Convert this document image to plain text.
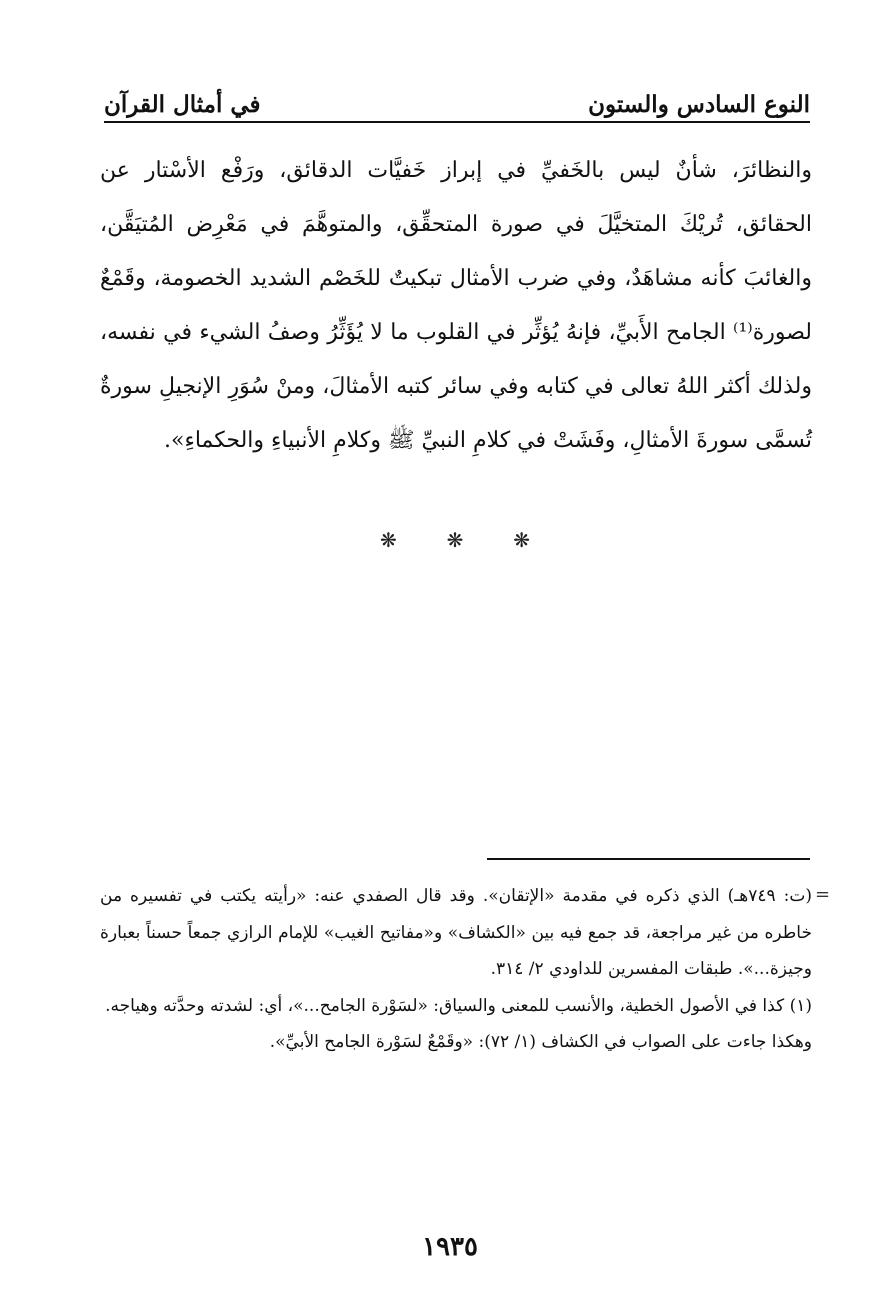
النوع السادس والستون
في أمثال القرآن

والنظائرَ، شأنٌ ليس بالخَفيِّ في إبراز خَفيَّات الدقائق، ورَفْع الأسْتار عن الحقائق، تُريْكَ المتخيَّلَ في صورة المتحقِّق، والمتوهَّمَ في مَعْرِض المُتيَقَّن، والغائبَ كأنه مشاهَدٌ، وفي ضرب الأمثال تبكيتٌ للخَصْم الشديد الخصومة، وقَمْعٌ لصورة⁽¹⁾ الجامح الأَبيِّ، فإنهُ يُؤثِّر في القلوب ما لا يُؤَثِّرُ وصفُ الشيء في نفسه، ولذلك أكثر اللهُ تعالى في كتابه وفي سائر كتبه الأمثالَ، ومنْ سُوَرِ الإنجيلِ سورةٌ تُسمَّى سورةَ الأمثالِ، وفَشَتْ في كلامِ النبيِّ ﷺ وكلامِ الأنبياءِ والحكماءِ».

❋
❋
❋
=

(ت: ٧٤٩هـ) الذي ذكره في مقدمة «الإتقان». وقد قال الصفدي عنه: «رأيته يكتب في تفسيره من خاطره من غير مراجعة، قد جمع فيه بين «الكشاف» و«مفاتيح الغيب» للإمام الرازي جمعاً حسناً بعبارة وجيزة...». طبقات المفسرين للداودي ٢/ ٣١٤.

(١) كذا في الأصول الخطية، والأنسب للمعنى والسياق: «لسَوْرة الجامح...»، أي: لشدته وحدَّته وهياجه.

وهكذا جاءت على الصواب في الكشاف (١/ ٧٢): «وقَمْعٌ لسَوْرة الجامح الأبيِّ».

١٩٣٥
